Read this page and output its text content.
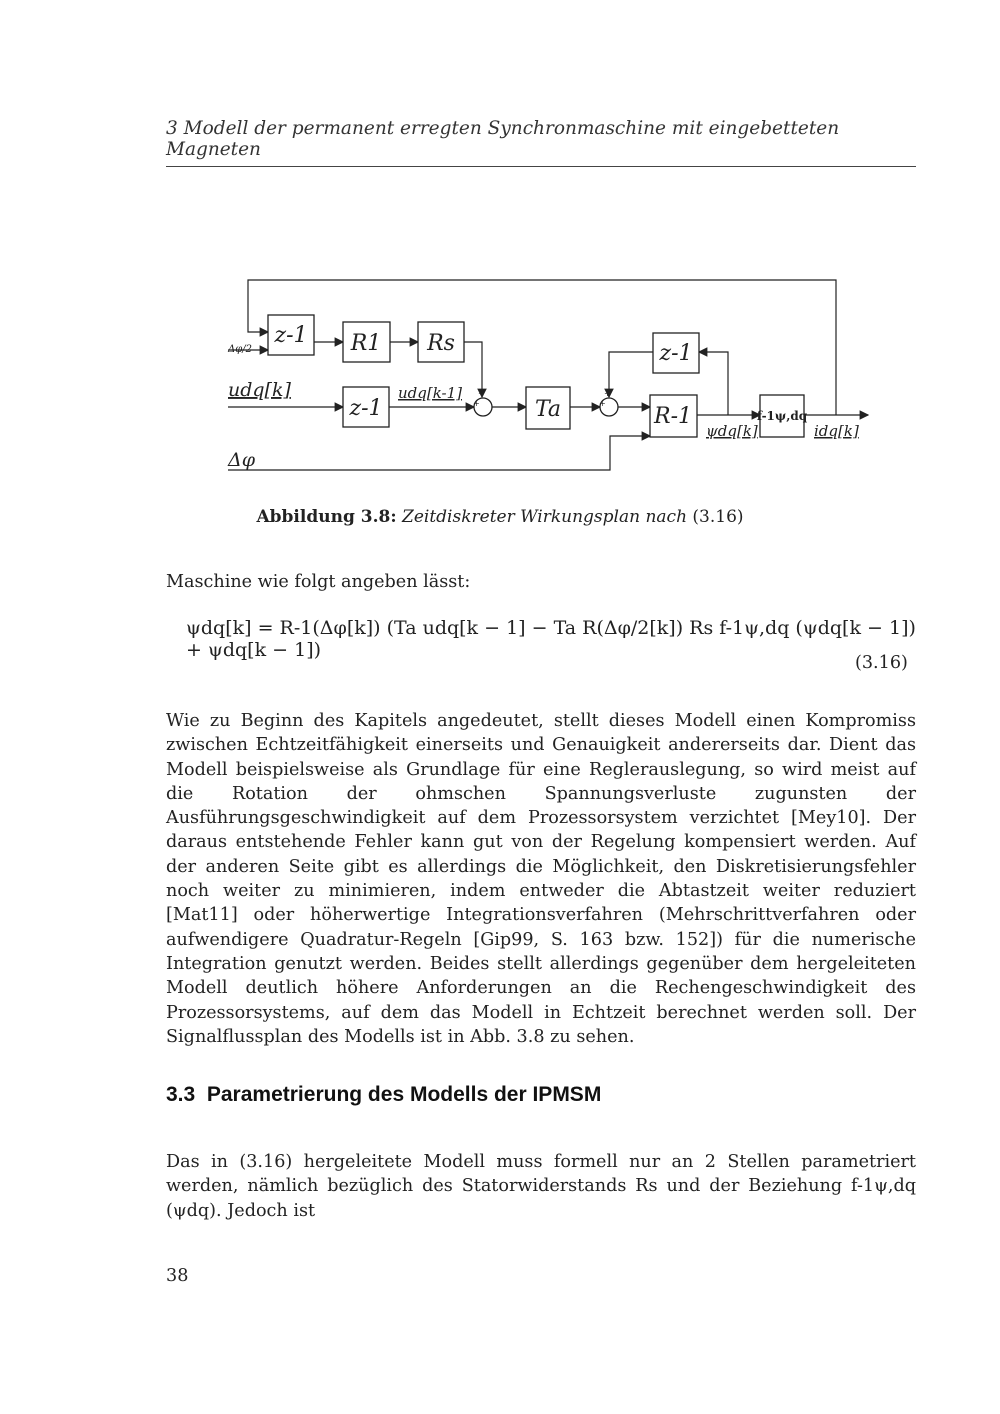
3 Modell der permanent erregten Synchronmaschine mit eingebetteten Magneten
z-1 R1 Rs
z-1	Ta
z-1
R-1	f-1ψ,dq
Δφ/2
udq[k]	udq[k-1]
ψdq[k]	idq[k]
Δφ
+
+
+
+
Abbildung 3.8: Zeitdiskreter Wirkungsplan nach (3.16)
Maschine wie folgt angeben lässt:
ψdq[k] = R-1(Δφ[k]) (Ta udq[k − 1] − Ta R(Δφ/2[k]) Rs f-1ψ,dq (ψdq[k − 1]) + ψdq[k − 1])
(3.16)
Wie zu Beginn des Kapitels angedeutet, stellt dieses Modell einen Kompromiss zwischen Echtzeitfähigkeit einerseits und Genauigkeit andererseits dar. Dient das Modell beispielsweise als Grundlage für eine Reglerauslegung, so wird meist auf die Rotation der ohmschen Spannungsverluste zugunsten der Ausführungsgeschwindigkeit auf dem Prozessorsystem verzichtet [Mey10]. Der daraus entstehende Fehler kann gut von der Regelung kompensiert werden. Auf der anderen Seite gibt es allerdings die Möglichkeit, den Diskretisierungsfehler noch weiter zu minimieren, indem entweder die Abtastzeit weiter reduziert [Mat11] oder höherwertige Integrationsverfahren (Mehrschrittverfahren oder aufwendigere Quadratur-Regeln [Gip99, S. 163 bzw. 152]) für die numerische Integration genutzt werden. Beides stellt allerdings gegenüber dem hergeleiteten Modell deutlich höhere Anforderungen an die Rechengeschwindigkeit des Prozessorsystems, auf dem das Modell in Echtzeit berechnet werden soll. Der Signalflussplan des Modells ist in Abb. 3.8 zu sehen.
3.3 Parametrierung des Modells der IPMSM
Das in (3.16) hergeleitete Modell muss formell nur an 2 Stellen parametriert werden, nämlich bezüglich des Statorwiderstands Rs und der Beziehung f-1ψ,dq (ψdq). Jedoch ist
38
